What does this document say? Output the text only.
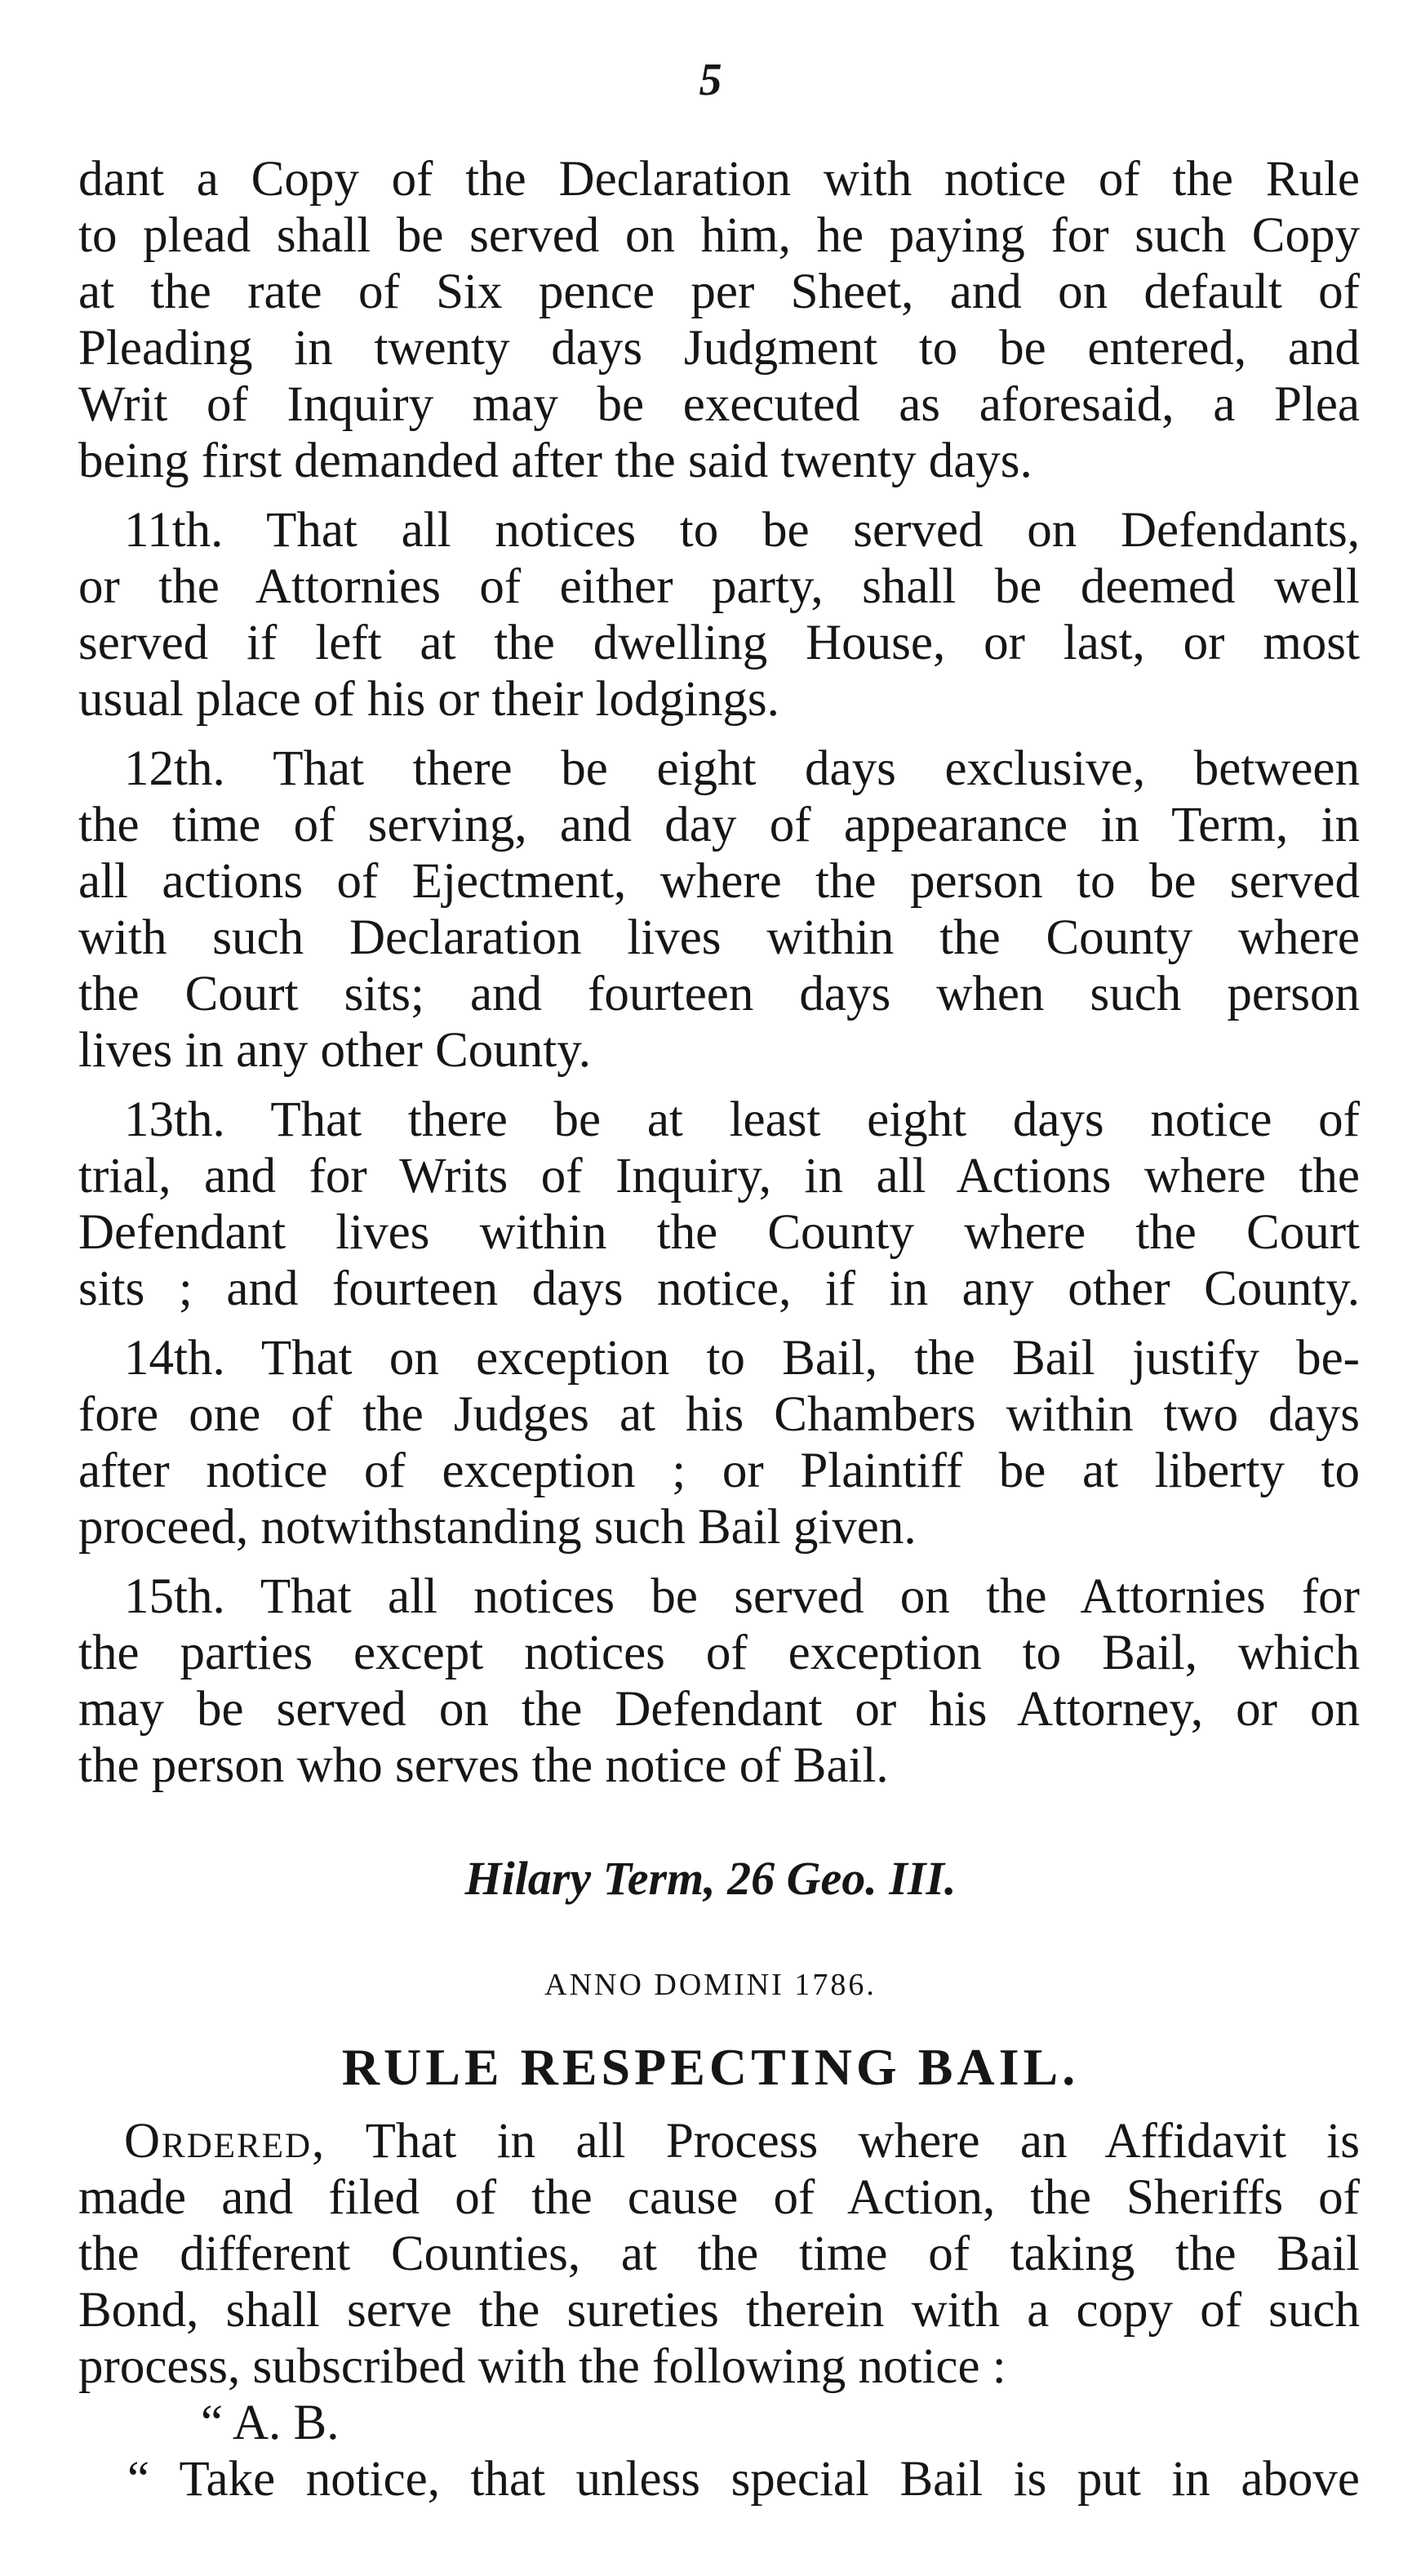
5
dant a Copy of the Declaration with notice of the Rule
to plead shall be served on him, he paying for such Copy
at the rate of Six pence per Sheet, and on default of
Pleading in twenty days Judgment to be entered, and
Writ of Inquiry may be executed as aforesaid, a Plea
being first demanded after the said twenty days.
11th. That all notices to be served on Defendants,
or the Attornies of either party, shall be deemed well
served if left at the dwelling House, or last, or most
usual place of his or their lodgings.
12th. That there be eight days exclusive, between
the time of serving, and day of appearance in Term, in
all actions of Ejectment, where the person to be served
with such Declaration lives within the County where
the Court sits; and fourteen days when such person
lives in any other County.
13th. That there be at least eight days notice of
trial, and for Writs of Inquiry, in all Actions where the
Defendant lives within the County where the Court
sits ; and fourteen days notice, if in any other County.
14th. That on exception to Bail, the Bail justify be-
fore one of the Judges at his Chambers within two days
after notice of exception ; or Plaintiff be at liberty to
proceed, notwithstanding such Bail given.
15th. That all notices be served on the Attornies for
the parties except notices of exception to Bail, which
may be served on the Defendant or his Attorney, or on
the person who serves the notice of Bail.
Hilary Term, 26 Geo. III.
ANNO DOMINI 1786.
RULE RESPECTING BAIL.
Ordered, That in all Process where an Affidavit is
made and filed of the cause of Action, the Sheriffs of
the different Counties, at the time of taking the Bail
Bond, shall serve the sureties therein with a copy of such
process, subscribed with the following notice :
“ A. B.
“ Take notice, that unless special Bail is put in above
